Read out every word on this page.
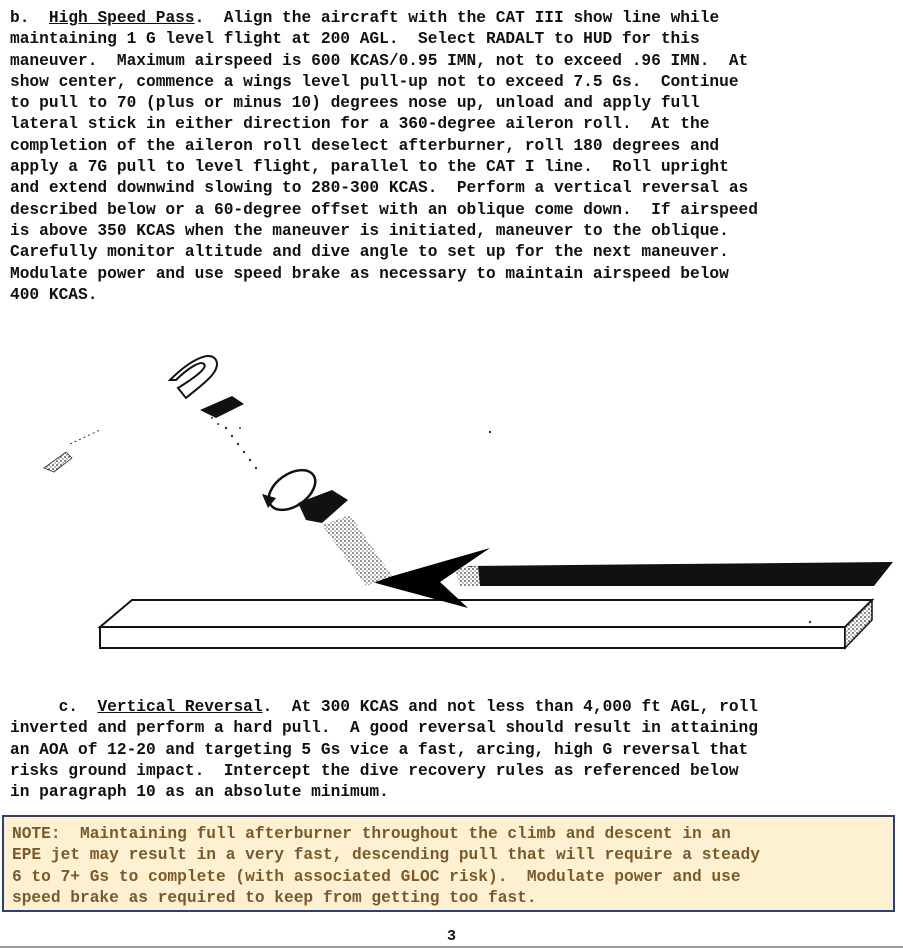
b. High Speed Pass.  Align the aircraft with the CAT III show line while
maintaining 1 G level flight at 200 AGL.  Select RADALT to HUD for this
maneuver.  Maximum airspeed is 600 KCAS/0.95 IMN, not to exceed .96 IMN.  At
show center, commence a wings level pull-up not to exceed 7.5 Gs.  Continue
to pull to 70 (plus or minus 10) degrees nose up, unload and apply full
lateral stick in either direction for a 360-degree aileron roll.  At the
completion of the aileron roll deselect afterburner, roll 180 degrees and
apply a 7G pull to level flight, parallel to the CAT I line.  Roll upright
and extend downwind slowing to 280-300 KCAS.  Perform a vertical reversal as
described below or a 60-degree offset with an oblique come down.  If airspeed
is above 350 KCAS when the maneuver is initiated, maneuver to the oblique.
Carefully monitor altitude and dive angle to set up for the next maneuver.
Modulate power and use speed brake as necessary to maintain airspeed below
400 KCAS.
c. Vertical Reversal.  At 300 KCAS and not less than 4,000 ft AGL, roll
inverted and perform a hard pull.  A good reversal should result in attaining
an AOA of 12-20 and targeting 5 Gs vice a fast, arcing, high G reversal that
risks ground impact.  Intercept the dive recovery rules as referenced below
in paragraph 10 as an absolute minimum.
NOTE:  Maintaining full afterburner throughout the climb and descent in an
EPE jet may result in a very fast, descending pull that will require a steady
6 to 7+ Gs to complete (with associated GLOC risk).  Modulate power and use
speed brake as required to keep from getting too fast.
3
